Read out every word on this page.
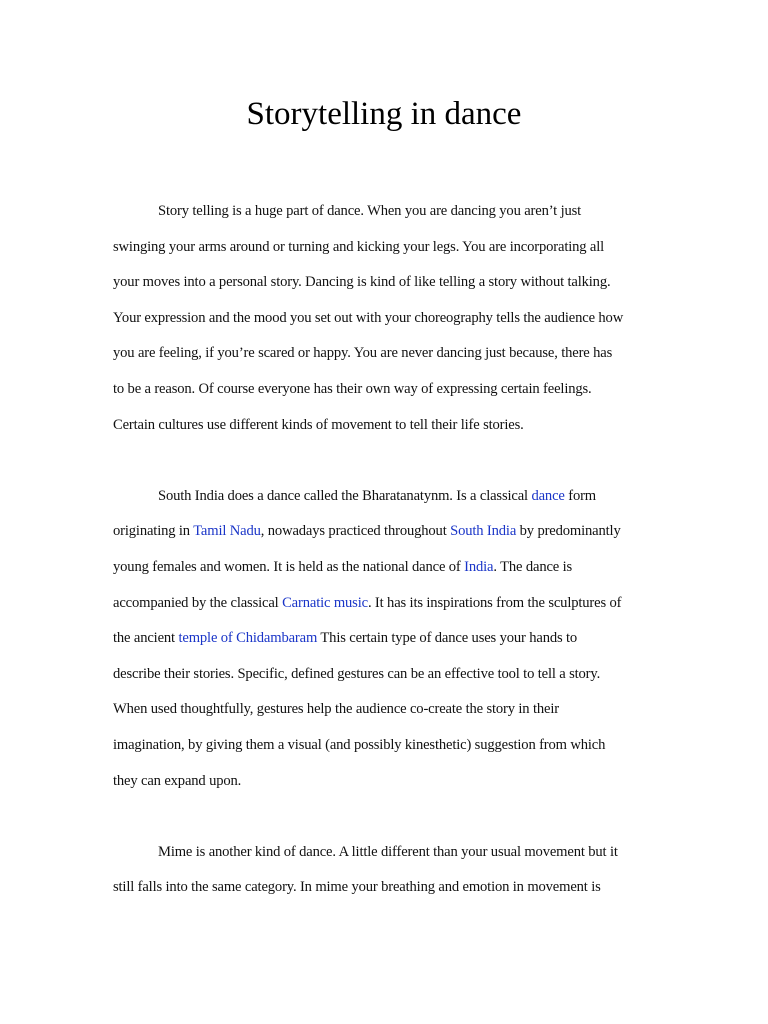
Storytelling in dance
Story telling is a huge part of dance. When you are dancing you aren’t just
swinging your arms around or turning and kicking your legs. You are incorporating all
your moves into a personal story. Dancing is kind of like telling a story without talking.
Your expression and the mood you set out with your choreography tells the audience how
you are feeling, if you’re scared or happy. You are never dancing just because, there has
to be a reason. Of course everyone has their own way of expressing certain feelings.
Certain cultures use different kinds of movement to tell their life stories.
South India does a dance called the Bharatanatynm. Is a classical dance form
originating in Tamil Nadu, nowadays practiced throughout South India by predominantly
young females and women. It is held as the national dance of India. The dance is
accompanied by the classical Carnatic music. It has its inspirations from the sculptures of
the ancient temple of Chidambaram This certain type of dance uses your hands to
describe their stories. Specific, defined gestures can be an effective tool to tell a story.
When used thoughtfully, gestures help the audience co-create the story in their
imagination, by giving them a visual (and possibly kinesthetic) suggestion from which
they can expand upon.
Mime is another kind of dance. A little different than your usual movement but it
still falls into the same category. In mime your breathing and emotion in movement is
